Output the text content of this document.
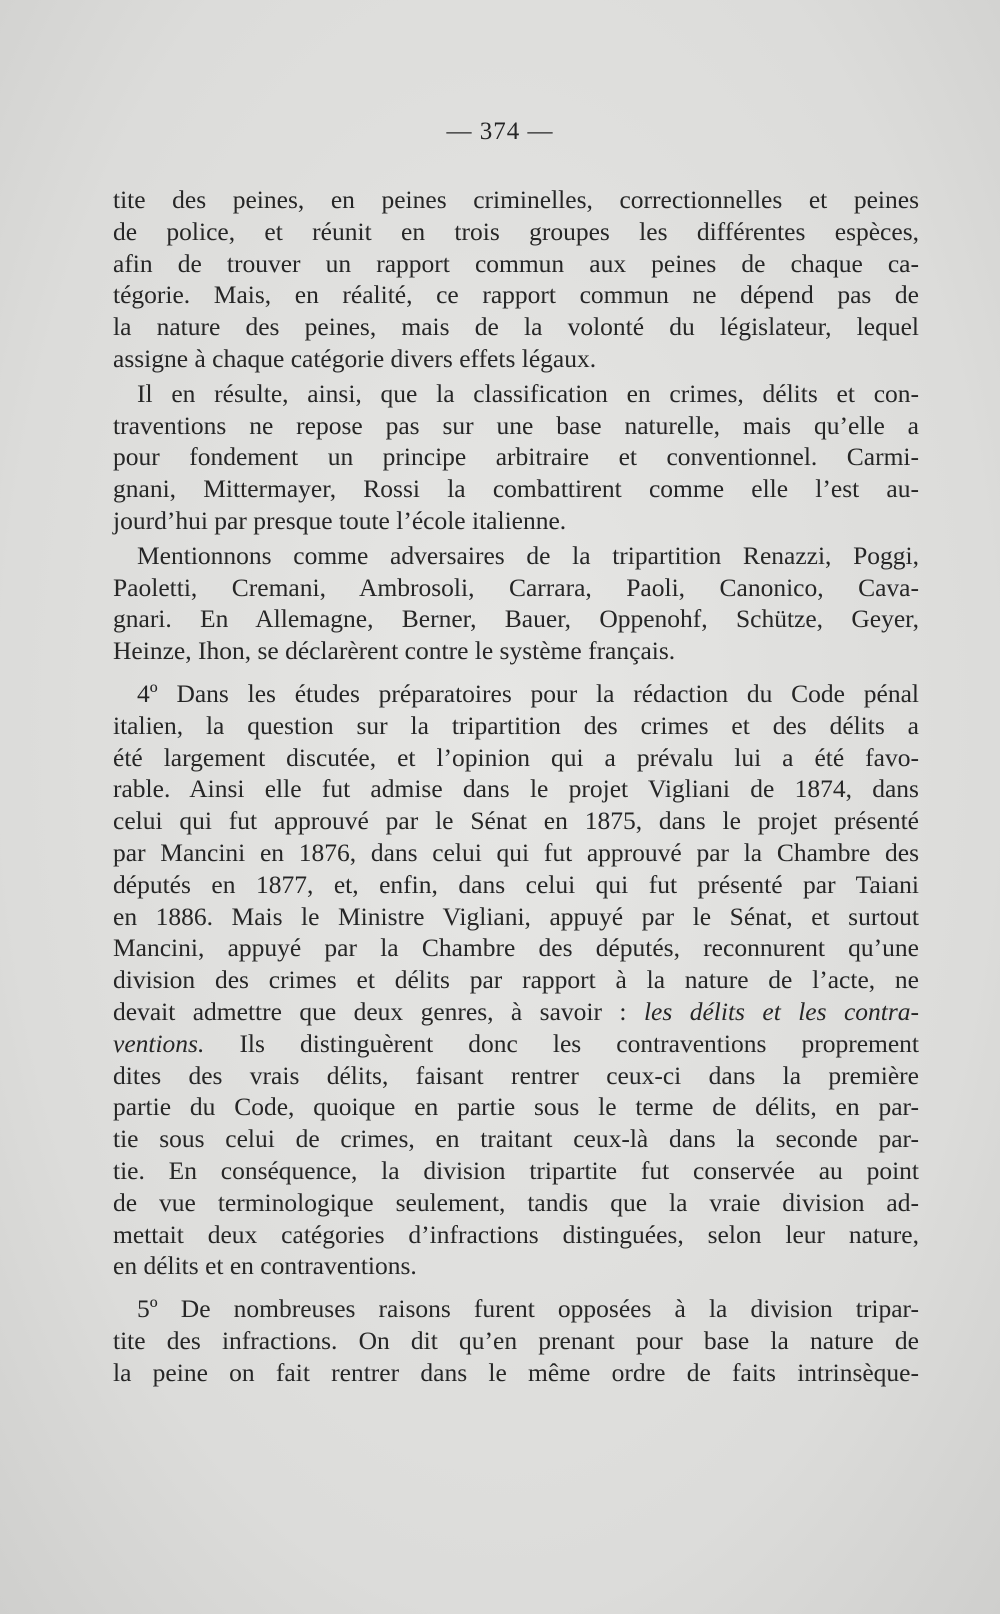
— 374 —

tite des peines, en peines criminelles, correctionnelles et peines
de police, et réunit en trois groupes les différentes espèces,
afin de trouver un rapport commun aux peines de chaque ca-
tégorie. Mais, en réalité, ce rapport commun ne dépend pas de
la nature des peines, mais de la volonté du législateur, lequel
assigne à chaque catégorie divers effets légaux.

Il en résulte, ainsi, que la classification en crimes, délits et con-
traventions ne repose pas sur une base naturelle, mais qu’elle a
pour fondement un principe arbitraire et conventionnel. Carmi-
gnani, Mittermayer, Rossi la combattirent comme elle l’est au-
jourd’hui par presque toute l’école italienne.

Mentionnons comme adversaires de la tripartition Renazzi, Poggi,
Paoletti, Cremani, Ambrosoli, Carrara, Paoli, Canonico, Cava-
gnari. En Allemagne, Berner, Bauer, Oppenohf, Schütze, Geyer,
Heinze, Ihon, se déclarèrent contre le système français.

4º Dans les études préparatoires pour la rédaction du Code pénal
italien, la question sur la tripartition des crimes et des délits a
été largement discutée, et l’opinion qui a prévalu lui a été favo-
rable. Ainsi elle fut admise dans le projet Vigliani de 1874, dans
celui qui fut approuvé par le Sénat en 1875, dans le projet présenté
par Mancini en 1876, dans celui qui fut approuvé par la Chambre des
députés en 1877, et, enfin, dans celui qui fut présenté par Taiani
en 1886. Mais le Ministre Vigliani, appuyé par le Sénat, et surtout
Mancini, appuyé par la Chambre des députés, reconnurent qu’une
division des crimes et délits par rapport à la nature de l’acte, ne
devait admettre que deux genres, à savoir : les délits et les contra-
ventions. Ils distinguèrent donc les contraventions proprement
dites des vrais délits, faisant rentrer ceux-ci dans la première
partie du Code, quoique en partie sous le terme de délits, en par-
tie sous celui de crimes, en traitant ceux-là dans la seconde par-
tie. En conséquence, la division tripartite fut conservée au point
de vue terminologique seulement, tandis que la vraie division ad-
mettait deux catégories d’infractions distinguées, selon leur nature,
en délits et en contraventions.

5º De nombreuses raisons furent opposées à la division tripar-
tite des infractions. On dit qu’en prenant pour base la nature de
la peine on fait rentrer dans le même ordre de faits intrinsèque-
